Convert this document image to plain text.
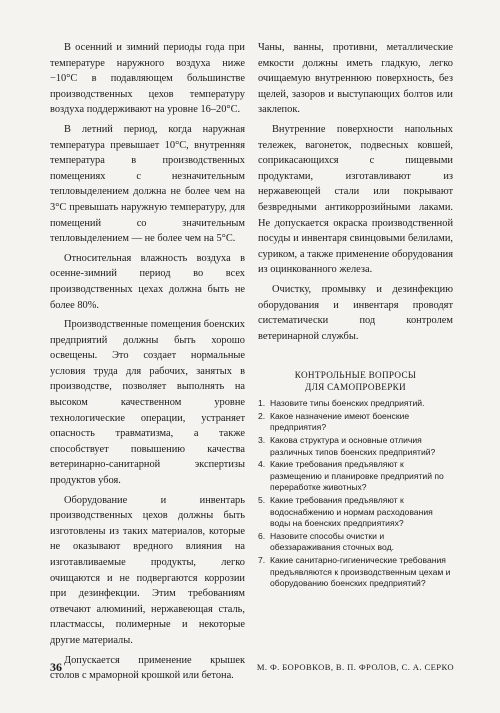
В осенний и зимний периоды года при температуре наружного воздуха ниже −10°С в подавляющем большинстве производственных цехов температуру воздуха поддерживают на уровне 16–20°С.

В летний период, когда наружная температура превышает 10°С, внутренняя температура в производственных помещениях с незначительным тепловыделением должна не более чем на 3°С превышать наружную температуру, для помещений со значительным тепловыделением — не более чем на 5°С.

Относительная влажность воздуха в осенне-зимний период во всех производственных цехах должна быть не более 80%.

Производственные помещения боенских предприятий должны быть хорошо освещены. Это создает нормальные условия труда для рабочих, занятых в производстве, позволяет выполнять на высоком качественном уровне технологические операции, устраняет опасность травматизма, а также способствует повышению качества ветеринарно-санитарной экспертизы продуктов убоя.

Оборудование и инвентарь производственных цехов должны быть изготовлены из таких материалов, которые не оказывают вредного влияния на изготавливаемые продукты, легко очищаются и не подвергаются коррозии при дезинфекции. Этим требованиям отвечают алюминий, нержавеющая сталь, пластмассы, полимерные и некоторые другие материалы.

Допускается применение крышек столов с мраморной крошкой или бетона.

Чаны, ванны, противни, металлические емкости должны иметь гладкую, легко очищаемую внутреннюю поверхность, без щелей, зазоров и выступающих болтов или заклепок.

Внутренние поверхности напольных тележек, вагонеток, подвесных ковшей, соприкасающихся с пищевыми продуктами, изготавливают из нержавеющей стали или покрывают безвредными антикоррозийными лаками. Не допускается окраска производственной посуды и инвентаря свинцовыми белилами, суриком, а также применение оборудования из оцинкованного железа.

Очистку, промывку и дезинфекцию оборудования и инвентаря проводят систематически под контролем ветеринарной службы.

КОНТРОЛЬНЫЕ ВОПРОСЫ
ДЛЯ САМОПРОВЕРКИ
1. Назовите типы боенских предприятий.
2. Какое назначение имеют боенские предприятия?
3. Какова структура и основные отличия различных типов боенских предприятий?
4. Какие требования предъявляют к размещению и планировке предприятий по переработке животных?
5. Какие требования предъявляют к водоснабжению и нормам расходования воды на боенских предприятиях?
6. Назовите способы очистки и обеззараживания сточных вод.
7. Какие санитарно-гигиенические требования предъявляются к производственным цехам и оборудованию боенских предприятий?
36	М. Ф. БОРОВКОВ, В. П. ФРОЛОВ, С. А. СЕРКО
